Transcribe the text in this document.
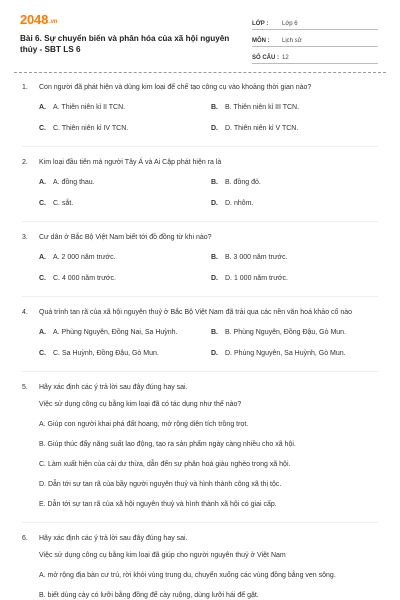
2048.vn
Bài 6. Sự chuyển biến và phân hóa của xã hội nguyên thủy - SBT LS 6
LỚP :	Lớp 6
MÔN :	Lịch sử
SỐ CÂU : 12
1.	Con người đã phát hiện và dùng kim loại để chế tạo công cụ vào khoảng thời gian nào?
A.	A. Thiên niên kỉ II TCN.	B.	B. Thiên niên kỉ III TCN.
C.	C. Thiên niên kỉ IV TCN.	D.	D. Thiên niên kỉ V TCN.
2.	Kim loại đầu tiên mà người Tây Á và Ai Cập phát hiện ra là
A.	A. đồng thau.	B.	B. đồng đỏ.
C.	C. sắt.	D.	D. nhôm.
3.	Cư dân ở Bắc Bộ Việt Nam biết tới đồ đồng từ khi nào?
A.	A. 2 000 năm trước.	B.	B. 3 000 năm trước.
C.	C. 4 000 năm trước.	D.	D. 1 000 năm trước.
4.	Quá trình tan rã của xã hội nguyên thuỷ ở Bắc Bộ Việt Nam đã trải qua các nền văn hoá khảo cổ nào
A.	A. Phùng Nguyên, Đồng Nai, Sa Huỳnh.	B.	B. Phùng Nguyên, Đồng Đậu, Gò Mun.
C.	C. Sa Huỳnh, Đồng Đậu, Gò Mun.	D.	D. Phùng Nguyên, Sa Huỳnh, Gò Mun.
5.	Hãy xác định các ý trả lời sau đây đúng hay sai.
Việc sử dụng công cụ bằng kim loại đã có tác dụng như thế nào?
A. Giúp con người khai phá đất hoang, mở rộng diện tích trồng trọt.
B. Giúp thúc đẩy năng suất lao động, tạo ra sản phẩm ngày càng nhiều cho xã hội.
C. Làm xuất hiện của cải dư thừa, dẫn đến sự phân hoá giàu nghèo trong xã hội.
D. Dẫn tới sự tan rã của bầy người nguyên thuỷ và hình thành công xã thị tộc.
E. Dẫn tới sự tan rã của xã hội nguyên thuỷ và hình thành xã hội có giai cấp.
6.	Hãy xác định các ý trả lời sau đây đúng hay sai.
Việc sử dụng công cụ bằng kim loại đã giúp cho người nguyên thuỷ ở Việt Nam
A. mở rộng địa bàn cư trú, rời khỏi vùng trung du, chuyển xuống các vùng đồng bằng ven sông.
B. biết dùng cày có lưỡi bằng đồng để cày ruộng, dùng lưỡi hái để gặt.
